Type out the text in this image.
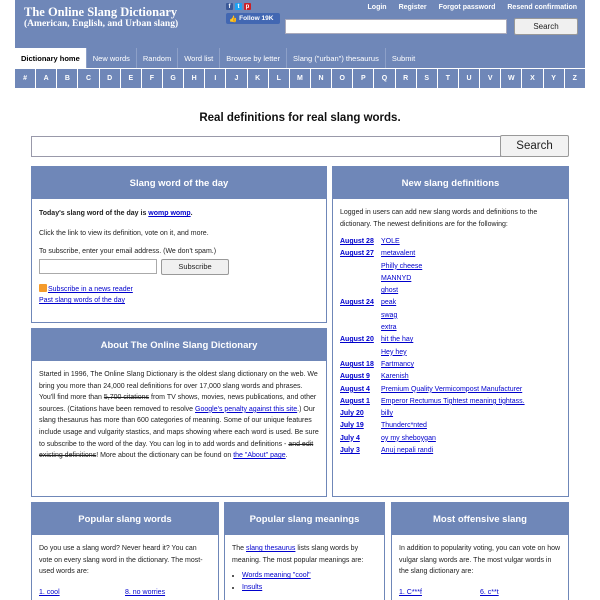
The Online Slang Dictionary
(American, English, and Urban slang)
f	t	p
👍 Follow 19K
Login Register Forgot password Resend confirmation
Search
Dictionary home	New words	Random	Word list	Browse by letter	Slang ("urban") thesaurus	Submit
#	A	B	C	D	E	F	G	H	I	J	K	L	M	N	O	P	Q	R	S	T	U	V	W	X	Y	Z
Real definitions for real slang words.
Search
Slang word of the day
Today's slang word of the day is womp womp.
Click the link to view its definition, vote on it, and more.
To subscribe, enter your email address. (We don't spam.)
Subscribe
Subscribe in a news reader
Past slang words of the day
New slang definitions
Logged in users can add new slang words and definitions to the dictionary. The newest definitions are for the following:
August 28	YOLE
August 27	metavalent
Philly cheese
MANNYD
ghost
August 24	peak
swag
extra
August 20	hit the hay
Hey hey
August 18	Fartmancy
August 9	Karenish
August 4	Premium Quality Vermicompost Manufacturer
August 1	Emperor Rectumus Tightest meaning tightass.
July 20	billy
July 19	Thunderc*nted
July 4	oy my sheboygan
July 3	Anuj nepali randi
About The Online Slang Dictionary
Started in 1996, The Online Slang Dictionary is the oldest slang dictionary on the web. We bring you more than 24,000 real definitions for over 17,000 slang words and phrases. You'll find more than 5,700 citations from TV shows, movies, news publications, and other sources. (Citations have been removed to resolve Google's penalty against this site.) Our slang thesaurus has more than 600 categories of meaning. Some of our unique features include usage and vulgarity stastics, and maps showing where each word is used. Be sure to subscribe to the word of the day. You can log in to add words and definitions - and edit existing definitions! More about the dictionary can be found on the "About" page.
Popular slang words
Do you use a slang word? Never heard it? You can vote on every slang word in the dictionary. The most-used words are:
1. cool	8. no worries
Popular slang meanings
The slang thesaurus lists slang words by meaning. The most popular meanings are:
• Words meaning "cool"
• Insults
Most offensive slang
In addition to popularity voting, you can vote on how vulgar slang words are. The most vulgar words in the slang dictionary are:
1. C***f	6. c**t
